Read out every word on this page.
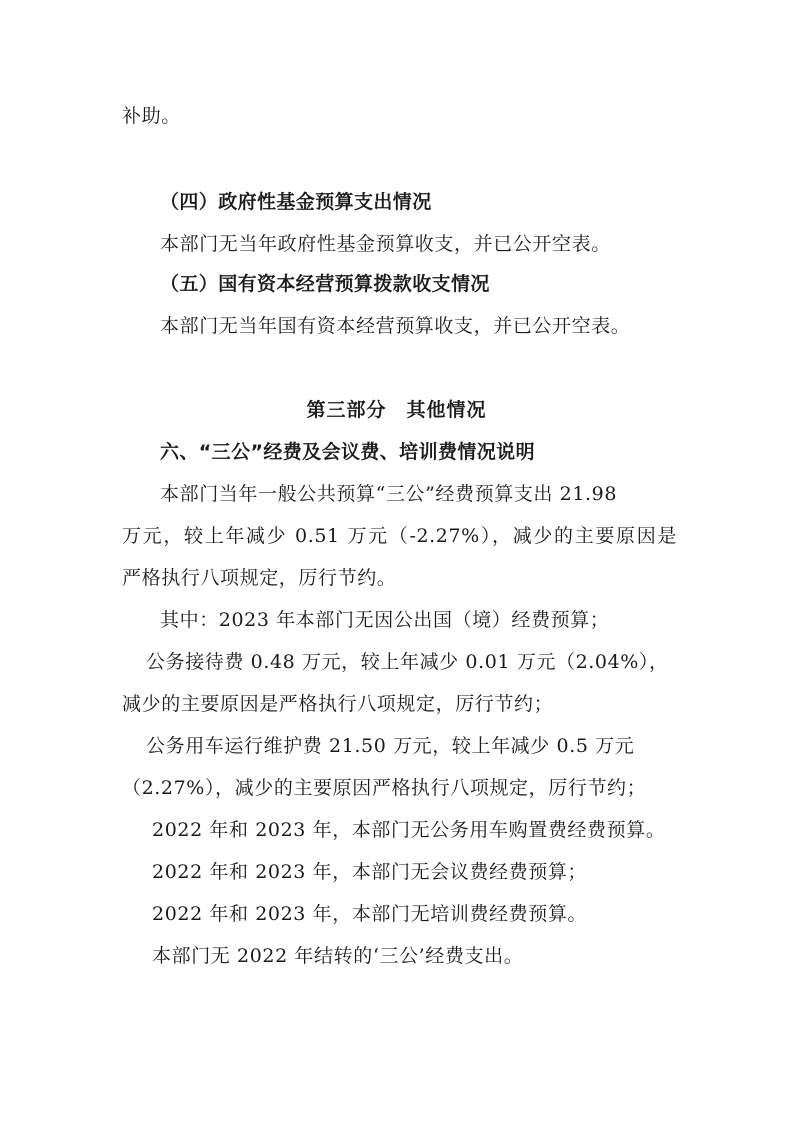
补助。
（四）政府性基金预算支出情况
本部门无当年政府性基金预算收支，并已公开空表。
（五）国有资本经营预算拨款收支情况
本部门无当年国有资本经营预算收支，并已公开空表。
第三部分　其他情况
六、“三公”经费及会议费、培训费情况说明
本部门当年一般公共预算“三公”经费预算支出 21.98
万元，较上年减少 0.51 万元（-2.27%），减少的主要原因是
严格执行八项规定，厉行节约。
其中：2023 年本部门无因公出国（境）经费预算；
公务接待费 0.48 万元，较上年减少 0.01 万元（2.04%），
减少的主要原因是严格执行八项规定，厉行节约；
公务用车运行维护费 21.50 万元，较上年减少 0.5 万元
（2.27%），减少的主要原因严格执行八项规定，厉行节约；
2022 年和 2023 年，本部门无公务用车购置费经费预算。
2022 年和 2023 年，本部门无会议费经费预算；
2022 年和 2023 年，本部门无培训费经费预算。
本部门无 2022 年结转的‘三公’经费支出。
